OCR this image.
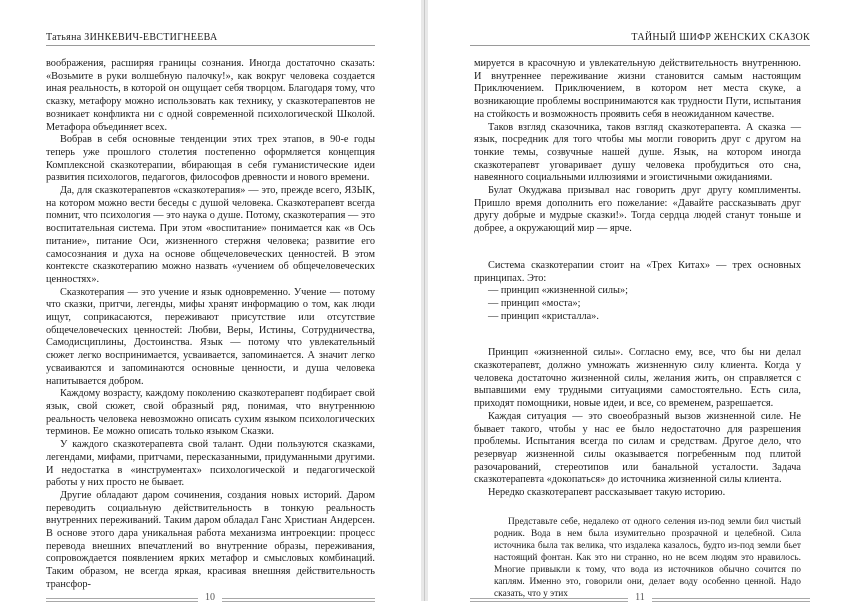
Татьяна ЗИНКЕВИЧ-ЕВСТИГНЕЕВА

воображения, расширяя границы сознания. Иногда достаточно сказать: «Возьмите в руки волшебную палочку!», как вокруг человека создается иная реальность, в которой он ощущает себя творцом. Благодаря тому, что сказку, метафору можно использовать как технику, у сказкотерапевтов не возникает конфликта ни с одной современной психологической Школой. Метафора объединяет всех.

Вобрав в себя основные тенденции этих трех этапов, в 90-е годы теперь уже прошлого столетия постепенно оформляется концепция Комплексной сказкотерапии, вбирающая в себя гуманистические идеи развития психологов, педагогов, философов древности и нового времени.

Да, для сказкотерапевтов «сказкотерапия» — это, прежде всего, ЯЗЫК, на котором можно вести беседы с душой человека. Сказкотерапевт всегда помнит, что психология — это наука о душе. Потому, сказкотерапия — это воспитательная система. При этом «воспитание» понимается как «в Ось питание», питание Оси, жизненного стержня человека; развитие его самосознания и духа на основе общечеловеческих ценностей. В этом контексте сказкотерапию можно назвать «учением об общечеловеческих ценностях».

Сказкотерапия — это учение и язык одновременно. Учение — потому что сказки, притчи, легенды, мифы хранят информацию о том, как люди ищут, соприкасаются, переживают присутствие или отсутствие общечеловеческих ценностей: Любви, Веры, Истины, Сотрудничества, Самодисциплины, Достоинства. Язык — потому что увлекательный сюжет легко воспринимается, усваивается, запоминается. А значит легко усваиваются и запоминаются основные ценности, и душа человека напитывается добром.

Каждому возрасту, каждому поколению сказкотерапевт подбирает свой язык, свой сюжет, свой образный ряд, понимая, что внутреннюю реальность человека невозможно описать сухим языком психологических терминов. Ее можно описать только языком Сказки.

У каждого сказкотерапевта свой талант. Одни пользуются сказками, легендами, мифами, притчами, пересказанными, придуманными другими. И недостатка в «инструментах» психологической и педагогической работы у них просто не бывает.

Другие обладают даром сочинения, создания новых историй. Даром переводить социальную действительность в тонкую реальность внутренних переживаний. Таким даром обладал Ганс Христиан Андерсен. В основе этого дара уникальная работа механизма интроекции: процесс перевода внешних впечатлений во внутренние образы, переживания, сопровождается появлением ярких метафор и смысловых комбинаций. Таким образом, не всегда яркая, красивая внешняя действительность трансфор-

10
ТАЙНЫЙ ШИФР ЖЕНСКИХ СКАЗОК

мируется в красочную и увлекательную действительность внутреннюю. И внутреннее переживание жизни становится самым настоящим Приключением. Приключением, в котором нет места скуке, а возникающие проблемы воспринимаются как трудности Пути, испытания на стойкость и возможность проявить себя в неожиданном качестве.

Таков взгляд сказочника, таков взгляд сказкотерапевта. А сказка — язык, посредник для того чтобы мы могли говорить друг с другом на тонкие темы, созвучные нашей душе. Язык, на котором иногда сказкотерапевт уговаривает душу человека пробудиться ото сна, навеянного социальными иллюзиями и эгоистичными ожиданиями.

Булат Окуджава призывал нас говорить друг другу комплименты. Пришло время дополнить его пожелание: «Давайте рассказывать друг другу добрые и мудрые сказки!». Тогда сердца людей станут тоньше и добрее, а окружающий мир — ярче.

Система сказкотерапии стоит на «Трех Китах» — трех основных принципах. Это:

— принцип «жизненной силы»;
— принцип «моста»;
— принцип «кристалла».

Принцип «жизненной силы». Согласно ему, все, что бы ни делал сказкотерапевт, должно умножать жизненную силу клиента. Когда у человека достаточно жизненной силы, желания жить, он справляется с выпавшими ему трудными ситуациями самостоятельно. Есть сила, приходят помощники, новые идеи, и все, со временем, разрешается.

Каждая ситуация — это своеобразный вызов жизненной силе. Не бывает такого, чтобы у нас ее было недостаточно для разрешения проблемы. Испытания всегда по силам и средствам. Другое дело, что резервуар жизненной силы оказывается погребенным под плитой разочарований, стереотипов или банальной усталости. Задача сказкотерапевта «докопаться» до источника жизненной силы клиента.

Нередко сказкотерапевт рассказывает такую историю.

Представьте себе, недалеко от одного селения из-под земли бил чистый родник. Вода в нем была изумительно прозрачной и целебной. Сила источника была так велика, что издалека казалось, будто из-под земли бьет настоящий фонтан. Как это ни странно, но не всем людям это нравилось. Многие привыкли к тому, что вода из источников обычно сочится по каплям. Именно это, говорили они, делает воду особенно ценной. Надо сказать, что у этих	11
